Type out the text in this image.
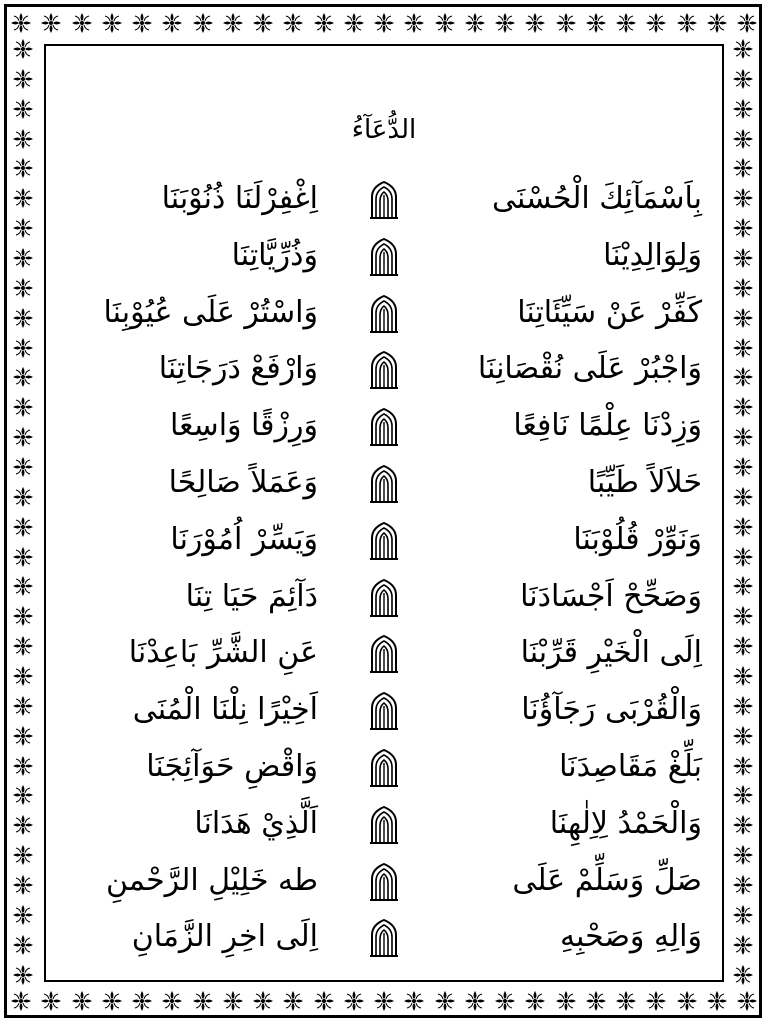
الدُّعَآءُ
بِاَسْمَآئِكَ الْحُسْنَى
اِغْفِرْلَنَا ذُنُوْبَنَا
وَلِوَالِدِيْنَا
وَذُرِّيَّاتِنَا
كَفِّرْ عَنْ سَيِّئَاتِنَا
وَاسْتُرْ عَلَى عُيُوْبِنَا
وَاجْبُرْ عَلَى نُقْصَانِنَا
وَارْفَعْ دَرَجَاتِنَا
وَزِدْنَا عِلْمًا نَافِعًا
وَرِزْقًا وَاسِعًا
حَلاَلاً طَيِّبًا
وَعَمَلاً صَالِحًا
وَنَوِّرْ قُلُوْبَنَا
وَيَسِّرْ اُمُوْرَنَا
وَصَحِّحْ اَجْسَادَنَا
دَآئِمَ حَيَا تِنَا
اِلَى الْخَيْرِ قَرِّبْنَا
عَنِ الشَّرِّ بَاعِدْنَا
وَالْقُرْبَى رَجَآؤُنَا
اَخِيْرًا نِلْنَا الْمُنَى
بَلِّغْ مَقَاصِدَنَا
وَاقْضِ حَوَآئِجَنَا
وَالْحَمْدُ لِاِلٰهِنَا
اَلَّذِيْ هَدَانَا
صَلِّ وَسَلِّمْ عَلَى
طه خَلِيْلِ الرَّحْمنِ
وَالِهِ وَصَحْبِهِ
اِلَى اخِرِ الزَّمَانِ
